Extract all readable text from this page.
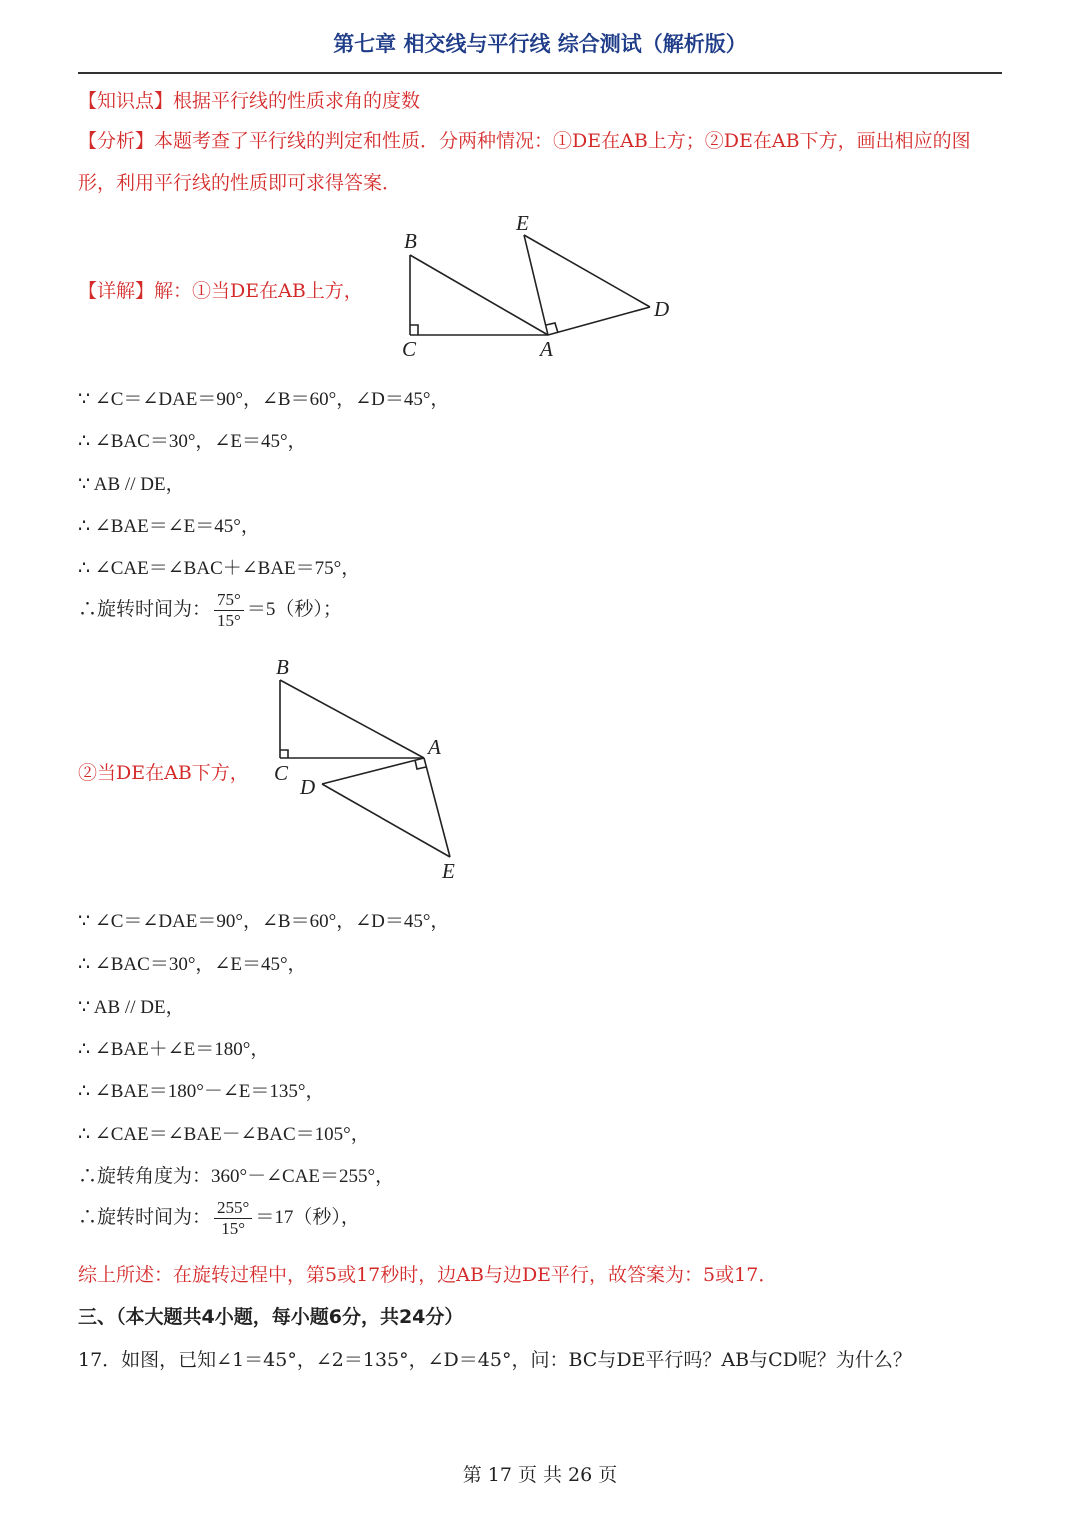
第七章 相交线与平行线 综合测试（解析版）
【知识点】根据平行线的性质求角的度数
【分析】本题考查了平行线的判定和性质．分两种情况：①DE在AB上方；②DE在AB下方，画出相应的图形，利用平行线的性质即可求得答案．
【详解】解：①当DE在AB上方，
B
C	A
E
D
∵ ∠C＝∠DAE＝90°，∠B＝60°，∠D＝45°，
∴ ∠BAC＝30°，∠E＝45°，
∵ AB // DE，
∴ ∠BAE＝∠E＝45°，
∴ ∠CAE＝∠BAC＋∠BAE＝75°，
∴旋转时间为： $\frac{75^\circ}{15^\circ} =5$（秒）；
②当DE在AB下方，
B
A
C
D
E
∵ ∠C＝∠DAE＝90°，∠B＝60°，∠D＝45°，
∴ ∠BAC＝30°，∠E＝45°，
∵ AB // DE，
∴ ∠BAE＋∠E＝180°，
∴ ∠BAE＝180°－∠E＝135°，
∴ ∠CAE＝∠BAE－∠BAC＝105°，
∴旋转角度为：360°－∠CAE＝255°，
∴旋转时间为： $\frac{255^\circ}{15^\circ} =17$（秒），
综上所述：在旋转过程中，第5或17秒时，边AB与边DE平行，故答案为：5或17．
三、（本大题共4小题，每小题6分，共24分）
17．如图，已知∠1＝45°，∠2＝135°，∠D＝45°，问：BC与DE平行吗？AB与CD呢？为什么？
第 17 页 共 26 页
